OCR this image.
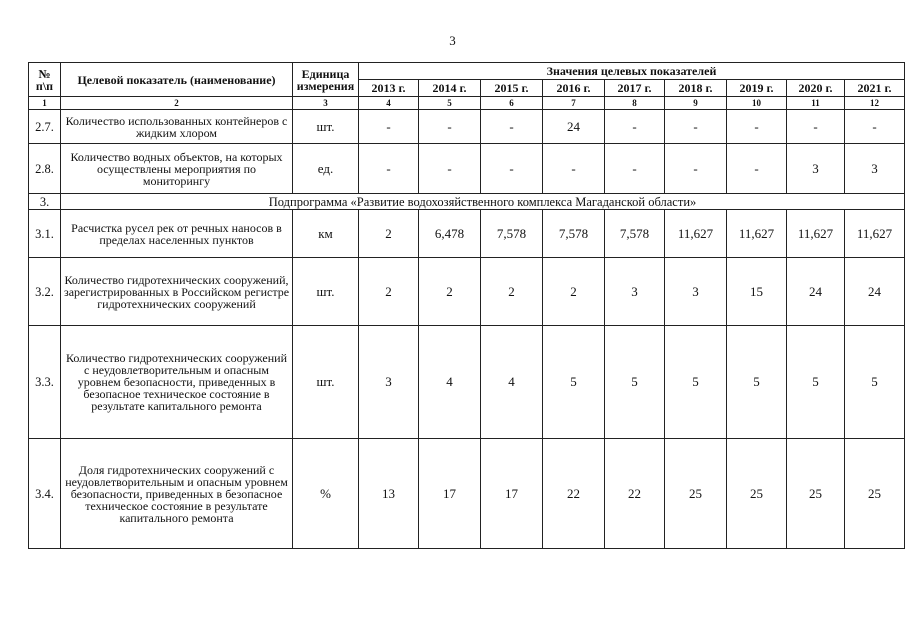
3
№ п\п	Целевой показатель (наименование)	Единица измерения	Значения целевых показателей								
			2013 г.	2014 г.	2015 г.	2016 г.	2017 г.	2018 г.	2019 г.	2020 г.	2021 г.
1	2	3	4	5	6	7	8	9	10	11	12
2.7.	Количество использованных контейнеров с жидким хлором	шт.	-	-	-	24	-	-	-	-	-
2.8.	Количество водных объектов, на которых осуществлены мероприятия по мониторингу	ед.	-	-	-	-	-	-	-	3	3
3.	Подпрограмма «Развитие водохозяйственного комплекса Магаданской области»										
3.1.	Расчистка русел рек от речных наносов в пределах населенных пунктов	км	2	6,478	7,578	7,578	7,578	11,627	11,627	11,627	11,627
3.2.	Количество гидротехнических сооружений, зарегистрированных в Российском регистре гидротехнических сооружений	шт.	2	2	2	2	3	3	15	24	24
3.3.	Количество гидротехнических сооружений с неудовлетворительным и опасным уровнем безопасности, приведенных в безопасное техническое состояние в результате капитального ремонта	шт.	3	4	4	5	5	5	5	5	5
3.4.	Доля гидротехнических сооружений с неудовлетворительным и опасным уровнем безопасности, приведенных в безопасное техническое состояние в результате капитального ремонта	%	13	17	17	22	22	25	25	25	25
